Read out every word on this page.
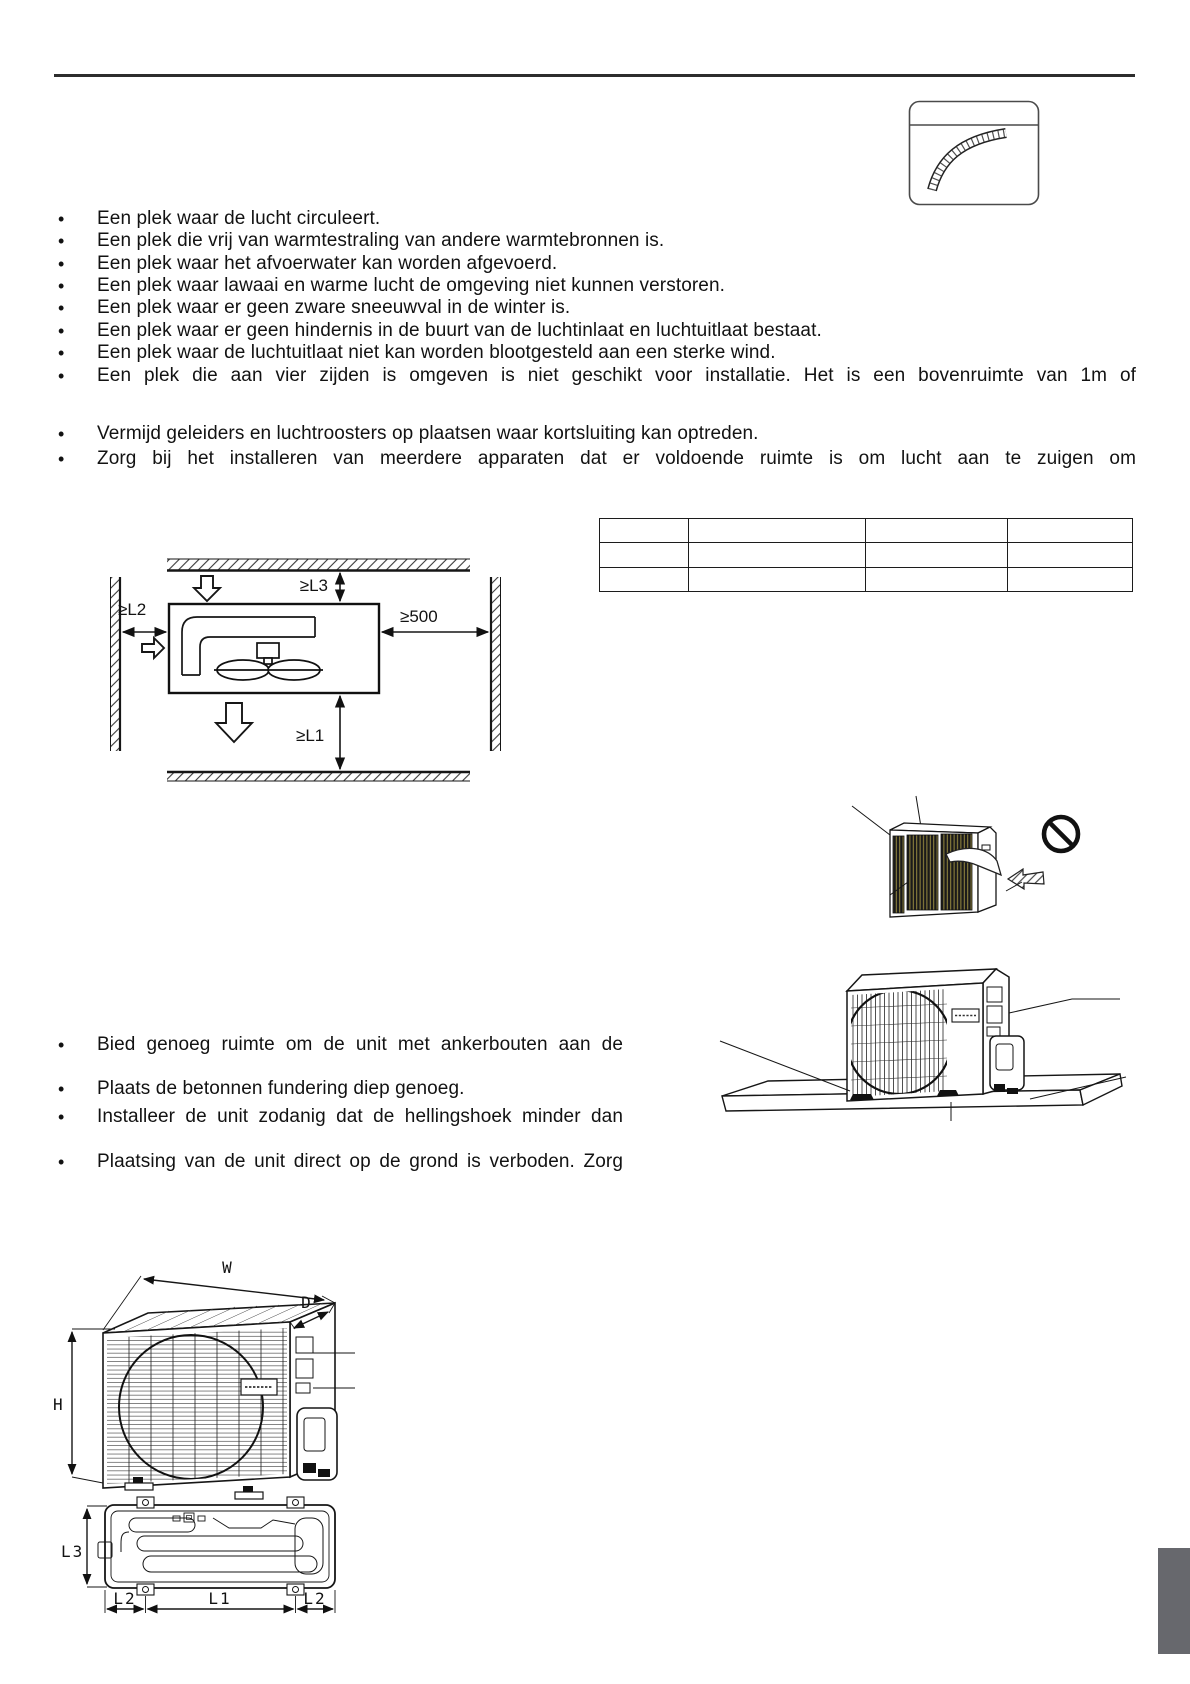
• Een plek waar de lucht circuleert.
• Een plek die vrij van warmtestraling van andere warmtebronnen is.
• Een plek waar het afvoerwater kan worden afgevoerd.
• Een plek waar lawaai en warme lucht de omgeving niet kunnen verstoren.
• Een plek waar er geen zware sneeuwval in de winter is.
• Een plek waar er geen hindernis in de buurt van de luchtinlaat en luchtuitlaat bestaat.
• Een plek waar de luchtuitlaat niet kan worden blootgesteld aan een sterke wind.
• Een plek die aan vier zijden is omgeven is niet geschikt voor installatie. Het is een bovenruimte van 1m of
• Vermijd geleiders en luchtroosters op plaatsen waar kortsluiting kan optreden.
• Zorg bij het installeren van meerdere apparaten dat er voldoende ruimte is om lucht aan te zuigen om

≥L2
≥L3
≥500
≥L1
• Bied genoeg ruimte om de unit met ankerbouten aan de
• Plaats de betonnen fundering diep genoeg.
• Installeer de unit zodanig dat de hellingshoek minder dan
• Plaatsing van de unit direct op de grond is verboden. Zorg
W
D
H
L3
L2	L1	L2
